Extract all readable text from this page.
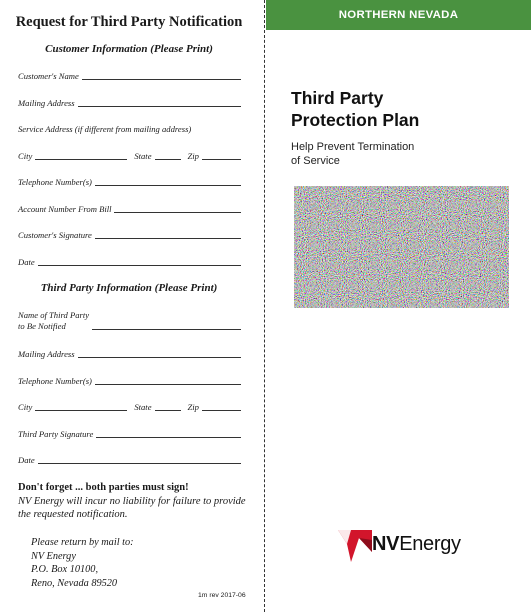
Request for Third Party Notification
Customer Information (Please Print)
Customer's Name
Mailing Address
Service Address (if different from mailing address)
City	State	Zip
Telephone Number(s)
Account Number From Bill
Customer's Signature
Date
Third Party Information (Please Print)
Name of Third Party
to Be Notified
Mailing Address
Telephone Number(s)
City	State	Zip
Third Party Signature
Date
Don't forget ... both parties must sign!
NV Energy will incur no liability for failure to provide the requested notification.
Please return by mail to:
NV Energy
P.O. Box 10100,
Reno, Nevada 89520
1m rev 2017-06
NORTHERN NEVADA
Third Party
Protection Plan
Help Prevent Termination
of Service
NVEnergy
